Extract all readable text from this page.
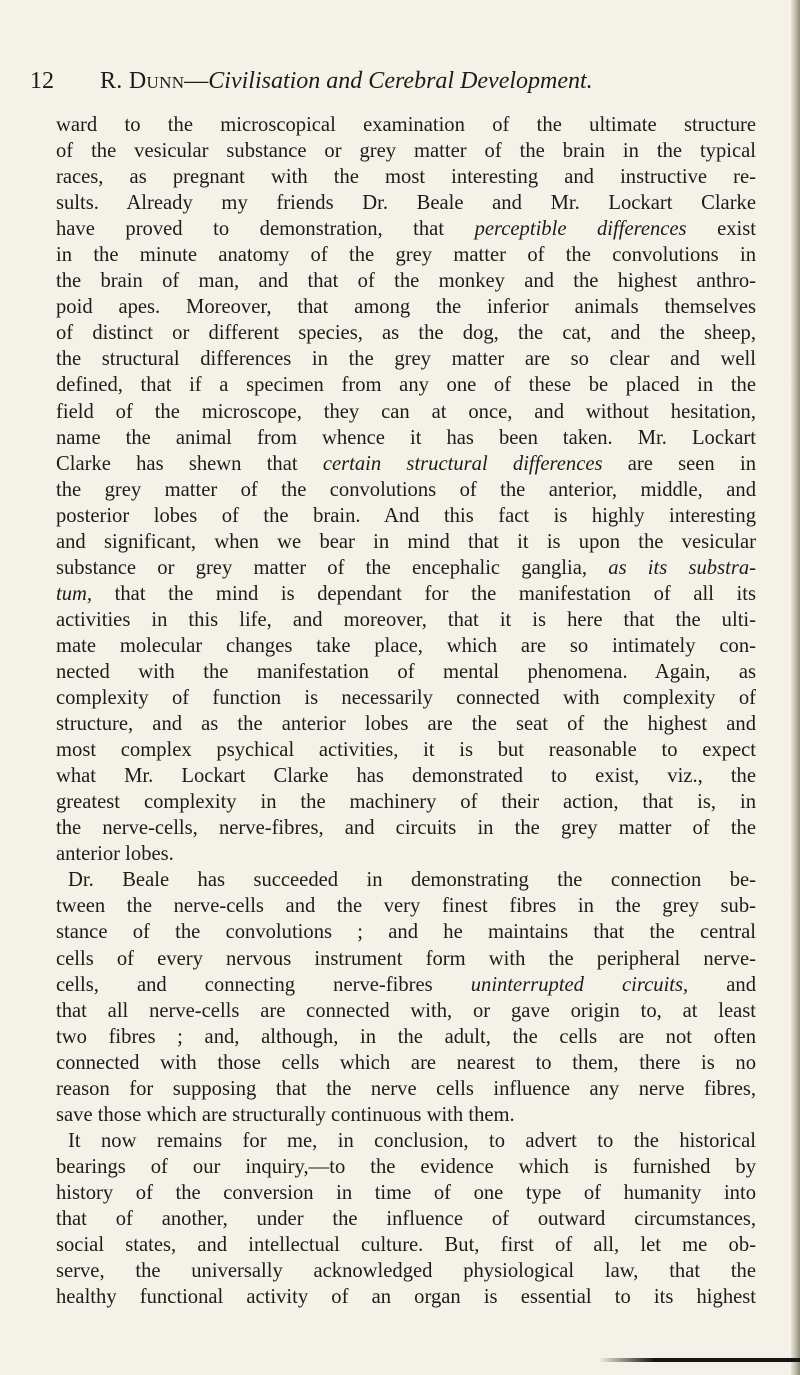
12 R. Dunn—Civilisation and Cerebral Development.
ward to the microscopical examination of the ultimate structure
of the vesicular substance or grey matter of the brain in the typical
races, as pregnant with the most interesting and instructive re-
sults. Already my friends Dr. Beale and Mr. Lockart Clarke
have proved to demonstration, that perceptible differences exist
in the minute anatomy of the grey matter of the convolutions in
the brain of man, and that of the monkey and the highest anthro-
poid apes. Moreover, that among the inferior animals themselves
of distinct or different species, as the dog, the cat, and the sheep,
the structural differences in the grey matter are so clear and well
defined, that if a specimen from any one of these be placed in the
field of the microscope, they can at once, and without hesitation,
name the animal from whence it has been taken. Mr. Lockart
Clarke has shewn that certain structural differences are seen in
the grey matter of the convolutions of the anterior, middle, and
posterior lobes of the brain. And this fact is highly interesting
and significant, when we bear in mind that it is upon the vesicular
substance or grey matter of the encephalic ganglia, as its substra-
tum, that the mind is dependant for the manifestation of all its
activities in this life, and moreover, that it is here that the ulti-
mate molecular changes take place, which are so intimately con-
nected with the manifestation of mental phenomena. Again, as
complexity of function is necessarily connected with complexity of
structure, and as the anterior lobes are the seat of the highest and
most complex psychical activities, it is but reasonable to expect
what Mr. Lockart Clarke has demonstrated to exist, viz., the
greatest complexity in the machinery of their action, that is, in
the nerve-cells, nerve-fibres, and circuits in the grey matter of the
anterior lobes.
Dr. Beale has succeeded in demonstrating the connection be-
tween the nerve-cells and the very finest fibres in the grey sub-
stance of the convolutions ; and he maintains that the central
cells of every nervous instrument form with the peripheral nerve-
cells, and connecting nerve-fibres uninterrupted circuits, and
that all nerve-cells are connected with, or gave origin to, at least
two fibres ; and, although, in the adult, the cells are not often
connected with those cells which are nearest to them, there is no
reason for supposing that the nerve cells influence any nerve fibres,
save those which are structurally continuous with them.
It now remains for me, in conclusion, to advert to the historical
bearings of our inquiry,—to the evidence which is furnished by
history of the conversion in time of one type of humanity into
that of another, under the influence of outward circumstances,
social states, and intellectual culture. But, first of all, let me ob-
serve, the universally acknowledged physiological law, that the
healthy functional activity of an organ is essential to its highest
